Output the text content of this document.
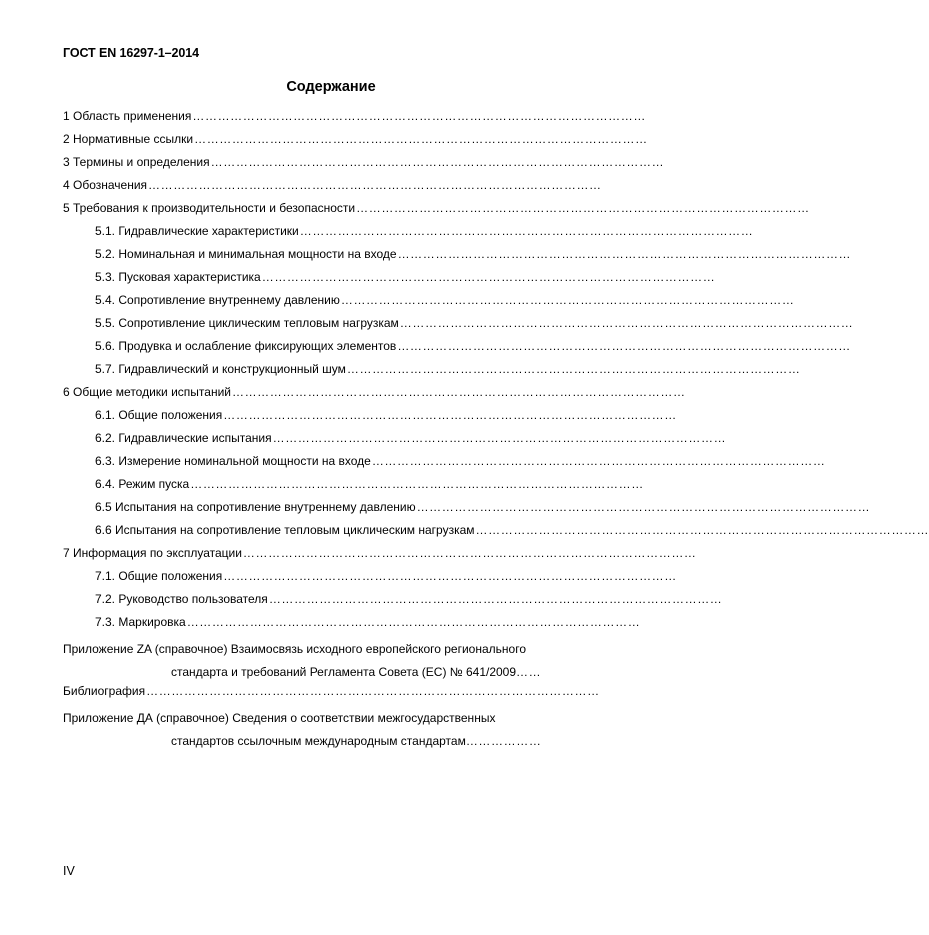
ГОСТ EN 16297-1–2014
Содержание
1 Область применения ………………………………………………………………………………………………
2 Нормативные ссылки ………………………………………………………………………………………………
3 Термины и определения ………………………………………………………………………………………………
4 Обозначения ………………………………………………………………………………………………
5 Требования к производительности и безопасности ………………………………………………………………………………………………
5.1. Гидравлические характеристики ………………………………………………………………………………………………
5.2. Номинальная и минимальная мощности на входе ………………………………………………………………………………………………
5.3. Пусковая характеристика ………………………………………………………………………………………………
5.4. Сопротивление внутреннему давлению ………………………………………………………………………………………………
5.5. Сопротивление циклическим тепловым нагрузкам ………………………………………………………………………………………………
5.6. Продувка и ослабление фиксирующих элементов ………………………………………………………………………………………………
5.7. Гидравлический и конструкционный шум ………………………………………………………………………………………………
6 Общие методики испытаний ………………………………………………………………………………………………
6.1. Общие положения ………………………………………………………………………………………………
6.2. Гидравлические испытания ………………………………………………………………………………………………
6.3. Измерение номинальной мощности на входе ………………………………………………………………………………………………
6.4. Режим пуска ………………………………………………………………………………………………
6.5 Испытания на сопротивление внутреннему давлению ………………………………………………………………………………………………
6.6 Испытания на сопротивление тепловым циклическим нагрузкам ………………………………………………………………………………………………
7 Информация по эксплуатации ………………………………………………………………………………………………
7.1. Общие положения ………………………………………………………………………………………………
7.2. Руководство пользователя ………………………………………………………………………………………………
7.3. Маркировка ………………………………………………………………………………………………
Приложение ZA (справочное) Взаимосвязь исходного европейского регионального
стандарта и требований Регламента Совета (ЕС) № 641/2009 ……
Библиография ………………………………………………………………………………………………
Приложение ДА (справочное) Сведения о соответствии межгосударственных
стандартов ссылочным международным стандартам ………………
IV
